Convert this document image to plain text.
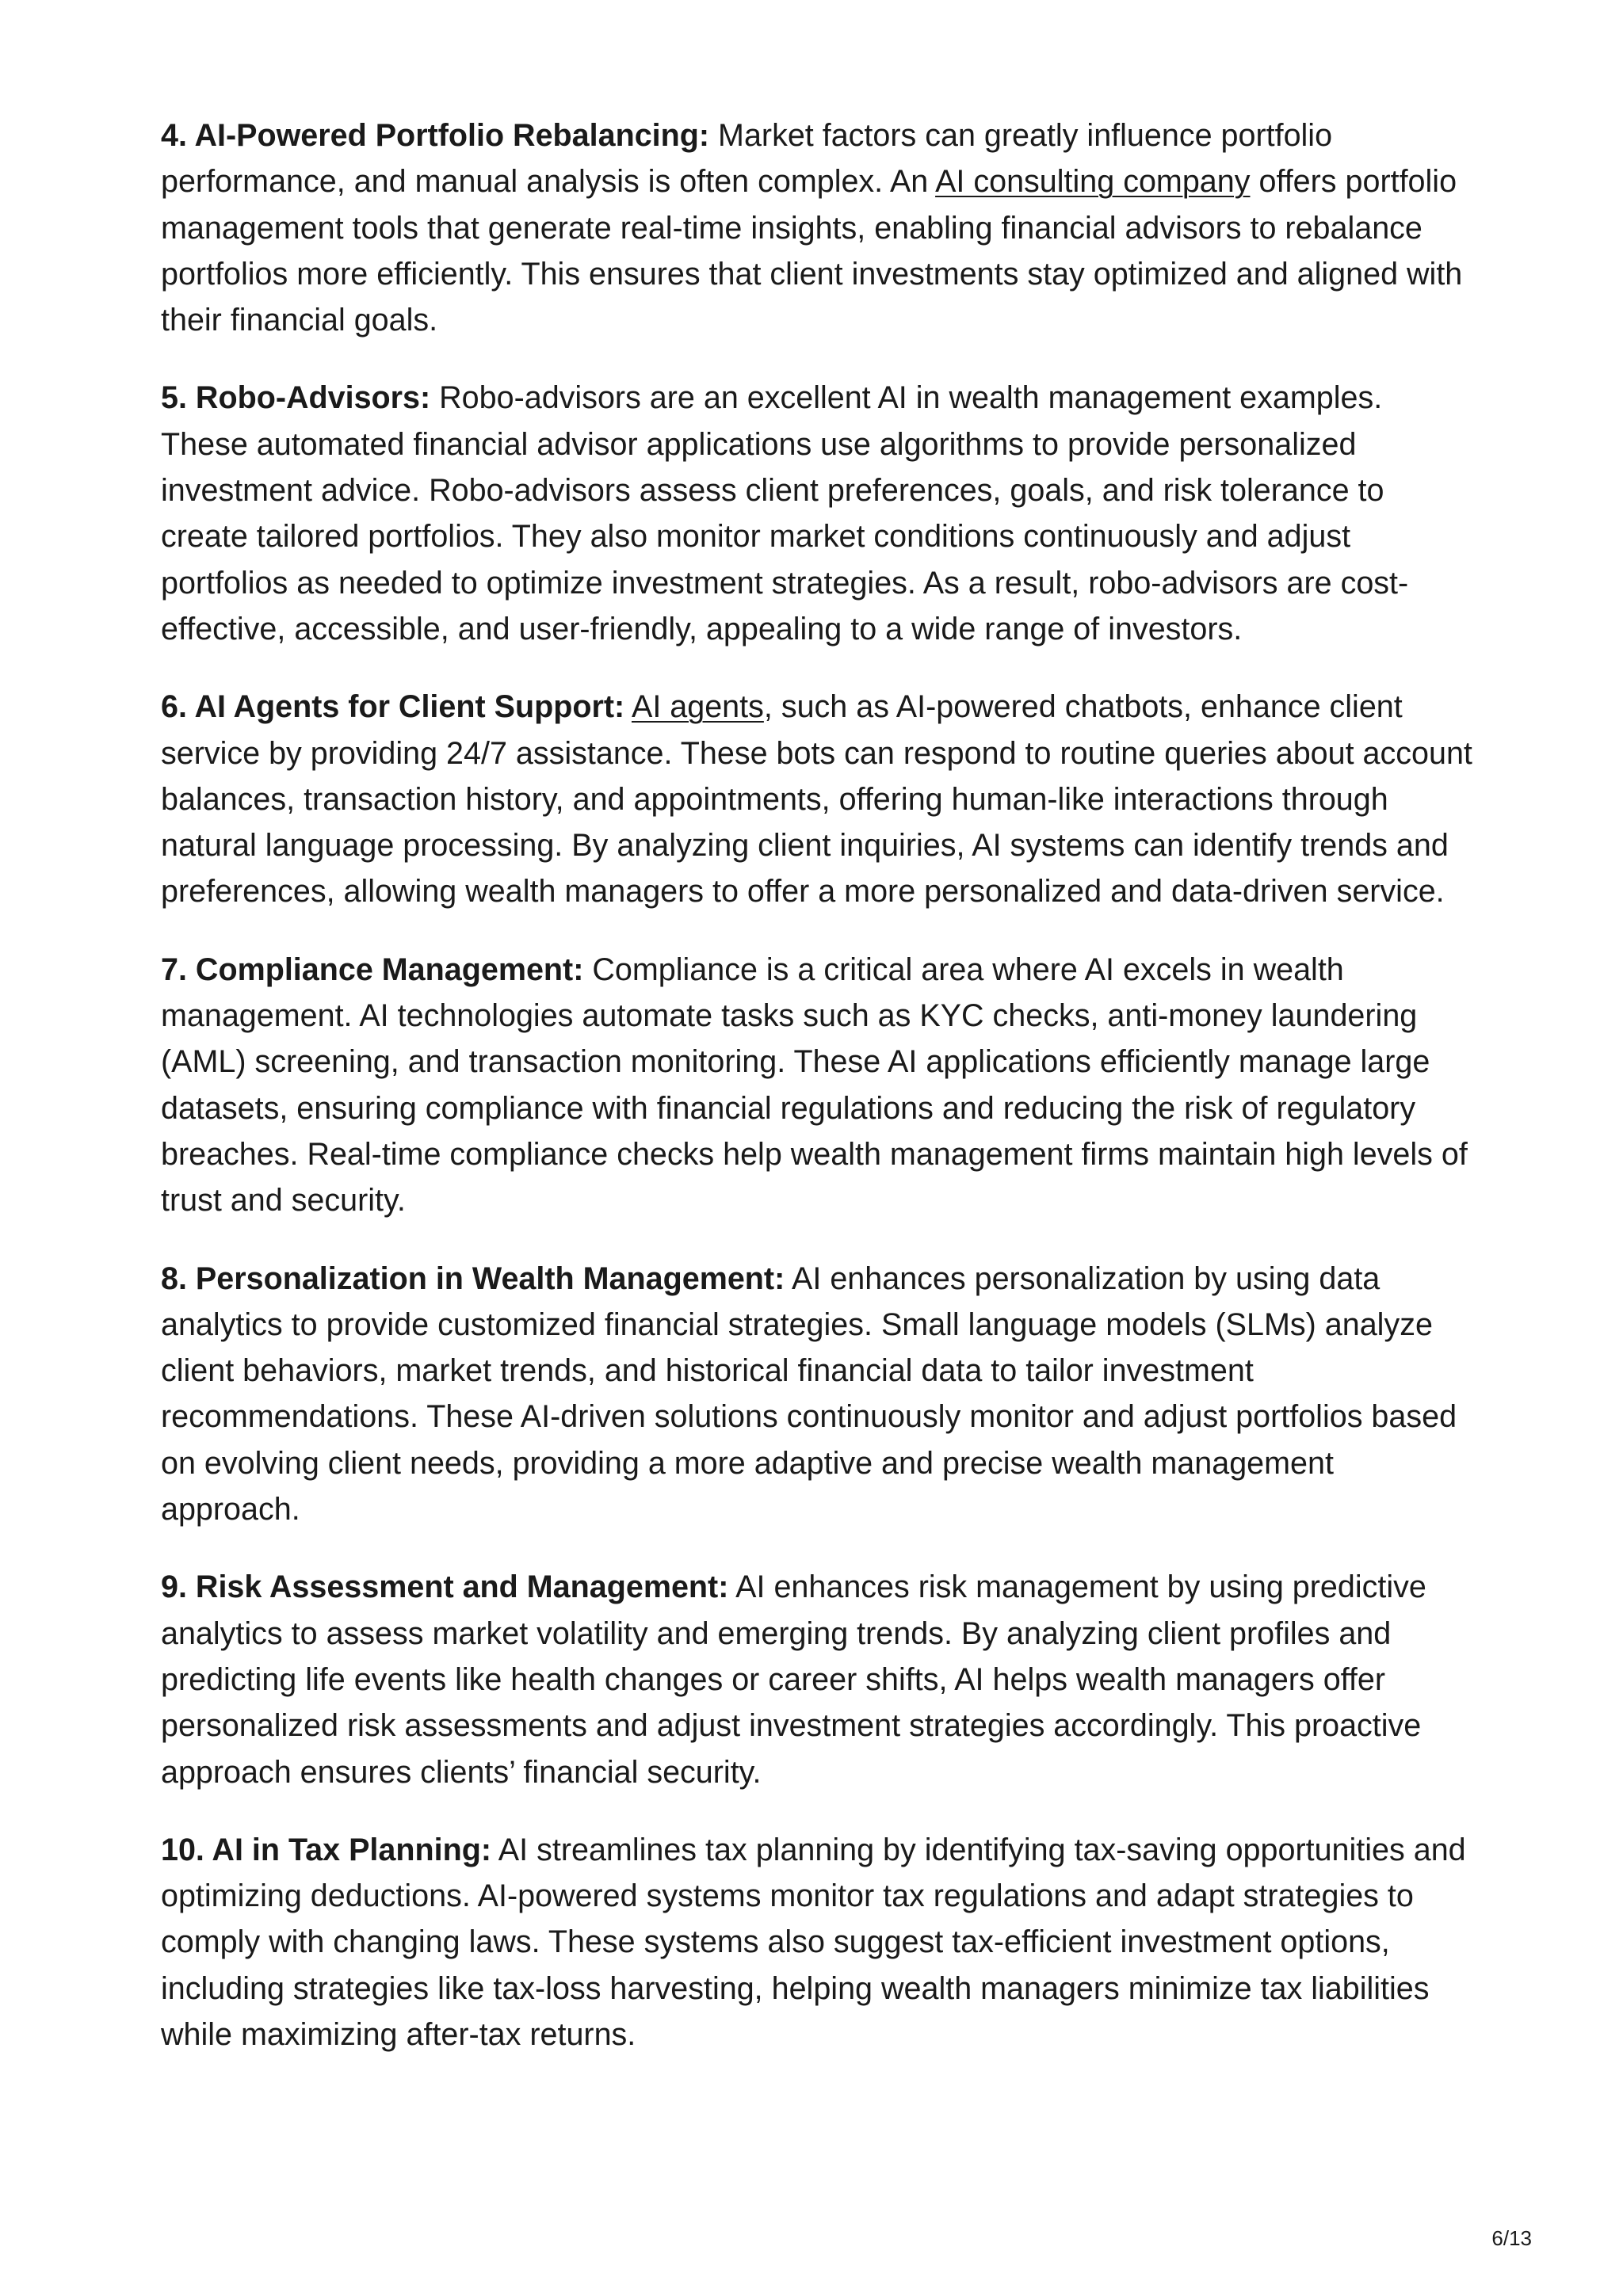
4. AI-Powered Portfolio Rebalancing: Market factors can greatly influence portfolio performance, and manual analysis is often complex. An AI consulting company offers portfolio management tools that generate real-time insights, enabling financial advisors to rebalance portfolios more efficiently. This ensures that client investments stay optimized and aligned with their financial goals.

5. Robo-Advisors: Robo-advisors are an excellent AI in wealth management examples. These automated financial advisor applications use algorithms to provide personalized investment advice. Robo-advisors assess client preferences, goals, and risk tolerance to create tailored portfolios. They also monitor market conditions continuously and adjust portfolios as needed to optimize investment strategies. As a result, robo-advisors are cost-effective, accessible, and user-friendly, appealing to a wide range of investors.

6. AI Agents for Client Support: AI agents, such as AI-powered chatbots, enhance client service by providing 24/7 assistance. These bots can respond to routine queries about account balances, transaction history, and appointments, offering human-like interactions through natural language processing. By analyzing client inquiries, AI systems can identify trends and preferences, allowing wealth managers to offer a more personalized and data-driven service.

7. Compliance Management: Compliance is a critical area where AI excels in wealth management. AI technologies automate tasks such as KYC checks, anti-money laundering (AML) screening, and transaction monitoring. These AI applications efficiently manage large datasets, ensuring compliance with financial regulations and reducing the risk of regulatory breaches. Real-time compliance checks help wealth management firms maintain high levels of trust and security.

8. Personalization in Wealth Management: AI enhances personalization by using data analytics to provide customized financial strategies. Small language models (SLMs) analyze client behaviors, market trends, and historical financial data to tailor investment recommendations. These AI-driven solutions continuously monitor and adjust portfolios based on evolving client needs, providing a more adaptive and precise wealth management approach.

9. Risk Assessment and Management: AI enhances risk management by using predictive analytics to assess market volatility and emerging trends. By analyzing client profiles and predicting life events like health changes or career shifts, AI helps wealth managers offer personalized risk assessments and adjust investment strategies accordingly. This proactive approach ensures clients’ financial security.

10. AI in Tax Planning: AI streamlines tax planning by identifying tax-saving opportunities and optimizing deductions. AI-powered systems monitor tax regulations and adapt strategies to comply with changing laws. These systems also suggest tax-efficient investment options, including strategies like tax-loss harvesting, helping wealth managers minimize tax liabilities while maximizing after-tax returns.

6/13
